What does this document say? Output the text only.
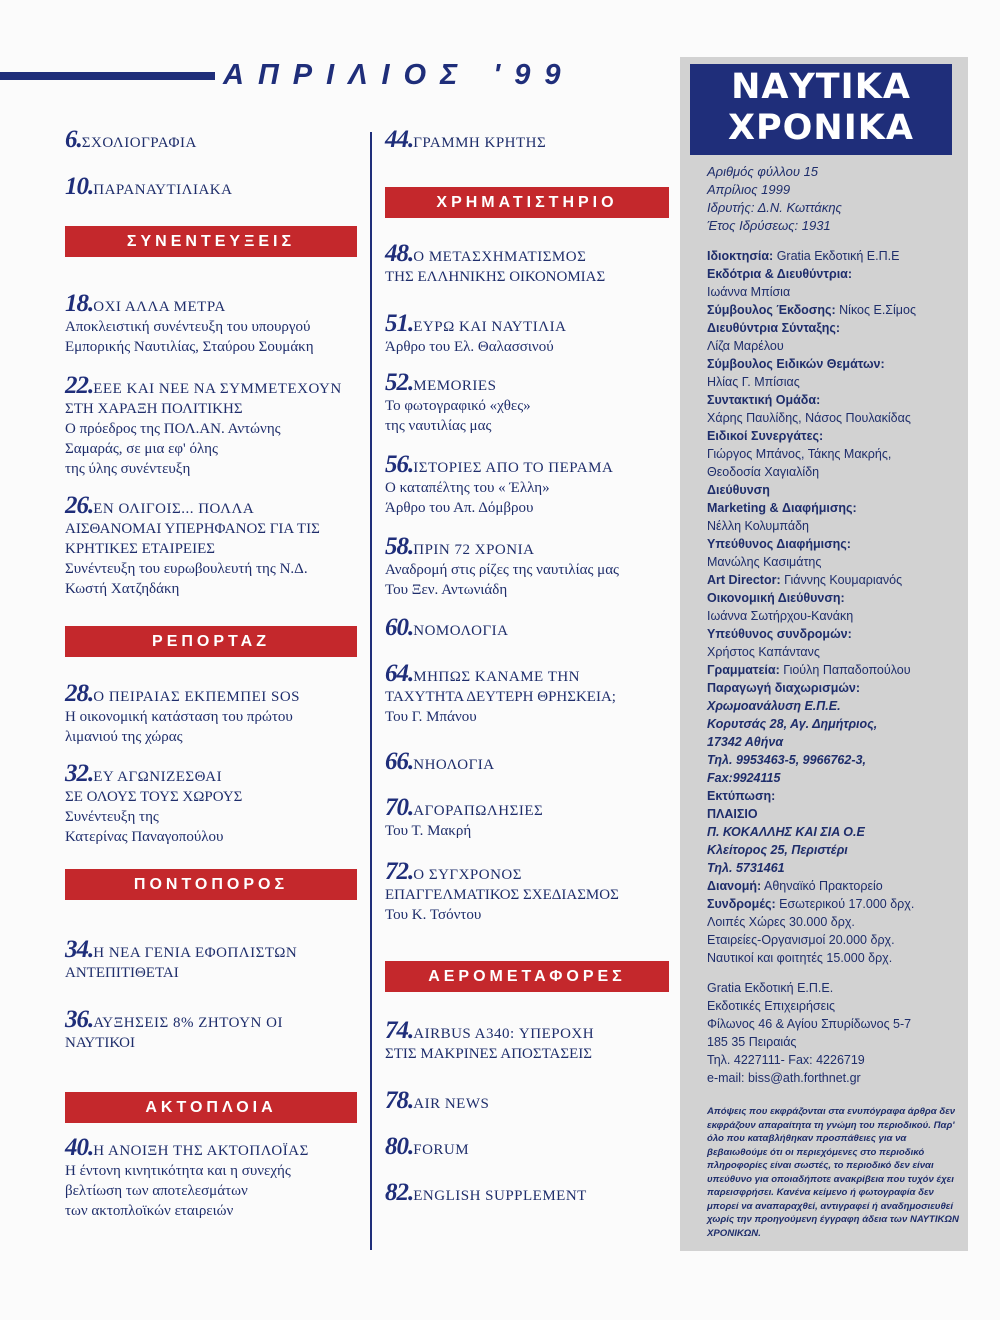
ΑΠΡΙΛΙΟΣ '99
6.ΣΧΟΛΙΟΓΡΑΦΙΑ
10.ΠΑΡΑΝΑΥΤΙΛΙΑΚΑ
ΣΥΝΕΝΤΕΥΞΕΙΣ
18.ΟΧΙ ΑΛΛΑ ΜΕΤΡΑ
Αποκλειστική συνέντευξη του υπουργού
Εμπορικής Ναυτιλίας, Σταύρου Σουμάκη
22.ΕΕΕ ΚΑΙ ΝΕΕ ΝΑ ΣΥΜΜΕΤΕΧΟΥΝ
ΣΤΗ ΧΑΡΑΞΗ ΠΟΛΙΤΙΚΗΣ
Ο πρόεδρος της ΠΟΛ.ΑΝ. Αντώνης
Σαμαράς, σε μια εφ' όλης
της ύλης συνέντευξη
26.ΕΝ ΟΛΙΓΟΙΣ... ΠΟΛΛΑ
ΑΙΣΘΑΝΟΜΑΙ ΥΠΕΡΗΦΑΝΟΣ ΓΙΑ ΤΙΣ
ΚΡΗΤΙΚΕΣ ΕΤΑΙΡΕΙΕΣ
Συνέντευξη του ευρωβουλευτή της Ν.Δ.
Κωστή Χατζηδάκη
ΡΕΠΟΡΤΑΖ
28.Ο ΠΕΙΡΑΙΑΣ ΕΚΠΕΜΠΕΙ SOS
Η οικονομική κατάσταση του πρώτου
λιμανιού της χώρας
32.ΕΥ ΑΓΩΝΙΖΕΣΘΑΙ
ΣΕ ΟΛΟΥΣ ΤΟΥΣ ΧΩΡΟΥΣ
Συνέντευξη της
Κατερίνας Παναγοπούλου
ΠΟΝΤΟΠΟΡΟΣ
34.Η ΝΕΑ ΓΕΝΙΑ ΕΦΟΠΛΙΣΤΩΝ
ΑΝΤΕΠΙΤΙΘΕΤΑΙ
36.ΑΥΞΗΣΕΙΣ 8% ΖΗΤΟΥΝ ΟΙ
ΝΑΥΤΙΚΟΙ
ΑΚΤΟΠΛΟΙΑ
40.Η ΑΝΟΙΞΗ ΤΗΣ ΑΚΤΟΠΛΟΪΑΣ
Η έντονη κινητικότητα και η συνεχής
βελτίωση των αποτελεσμάτων
των ακτοπλοϊκών εταιρειών
44.ΓΡΑΜΜΗ ΚΡΗΤΗΣ
ΧΡΗΜΑΤΙΣΤΗΡΙΟ
48.Ο ΜΕΤΑΣΧΗΜΑΤΙΣΜΟΣ
ΤΗΣ ΕΛΛΗΝΙΚΗΣ ΟΙΚΟΝΟΜΙΑΣ
51.ΕΥΡΩ ΚΑΙ ΝΑΥΤΙΛΙΑ
Άρθρο του Ελ. Θαλασσινού
52.MEMORIES
Το φωτογραφικό «χθες»
της ναυτιλίας μας
56.ΙΣΤΟΡΙΕΣ ΑΠΟ ΤΟ ΠΕΡΑΜΑ
Ο καταπέλτης του « Έλλη»
Άρθρο του Απ. Δόμβρου
58.ΠΡΙΝ 72 ΧΡΟΝΙΑ
Αναδρομή στις ρίζες της ναυτιλίας μας
Του Ξεν. Αντωνιάδη
60.ΝΟΜΟΛΟΓΙΑ
64.ΜΗΠΩΣ ΚΑΝΑΜΕ ΤΗΝ
ΤΑΧΥΤΗΤΑ ΔΕΥΤΕΡΗ ΘΡΗΣΚΕΙΑ;
Του Γ. Μπάνου
66.ΝΗΟΛΟΓΙΑ
70.ΑΓΟΡΑΠΩΛΗΣΙΕΣ
Του Τ. Μακρή
72.Ο ΣΥΓΧΡΟΝΟΣ
ΕΠΑΓΓΕΛΜΑΤΙΚΟΣ ΣΧΕΔΙΑΣΜΟΣ
Του Κ. Τσόντου
ΑΕΡΟΜΕΤΑΦΟΡΕΣ
74.AIRBUS A340: ΥΠΕΡΟΧΗ
ΣΤΙΣ ΜΑΚΡΙΝΕΣ ΑΠΟΣΤΑΣΕΙΣ
78.AIR NEWS
80.FORUM
82.ENGLISH SUPPLEMENT
ΝΑΥΤΙΚΑ
ΧΡΟΝΙΚΑ
Αριθμός φύλλου 15
Απρίλιος 1999
Ιδρυτής: Δ.Ν. Κωττάκης
Έτος Ιδρύσεως: 1931
Ιδιοκτησία: Gratia Εκδοτική Ε.Π.Ε
Εκδότρια & Διευθύντρια:
Ιωάννα Μπίσια
Σύμβουλος Έκδοσης: Νίκος Ε.Σίμος
Διευθύντρια Σύνταξης:
Λίζα Μαρέλου
Σύμβουλος Ειδικών Θεμάτων:
Ηλίας Γ. Μπίσιας
Συντακτική Ομάδα:
Χάρης Παυλίδης, Νάσος Πουλακίδας
Ειδικοί Συνεργάτες:
Γιώργος Μπάνος, Τάκης Μακρής,
Θεοδοσία Χαγιαλίδη
Διεύθυνση
Marketing & Διαφήμισης:
Νέλλη Κολυμπάδη
Υπεύθυνος Διαφήμισης:
Μανώλης Κασιμάτης
Art Director: Γιάννης Κουμαριανός
Οικονομική Διεύθυνση:
Ιωάννα Σωτήρχου-Κανάκη
Υπεύθυνος συνδρομών:
Χρήστος Καπάντανς
Γραμματεία: Γιούλη Παπαδοπούλου
Παραγωγή διαχωρισμών:
Χρωμοανάλυση Ε.Π.Ε.
Κορυτσάς 28, Αγ. Δημήτριος,
17342 Αθήνα
Τηλ. 9953463-5, 9966762-3,
Fax:9924115
Εκτύπωση:
ΠΛΑΙΣΙΟ
Π. ΚΟΚΑΛΛΗΣ ΚΑΙ ΣΙΑ Ο.Ε
Κλείτορος 25, Περιστέρι
Τηλ. 5731461
Διανομή: Αθηναϊκό Πρακτορείο
Συνδρομές: Εσωτερικού 17.000 δρχ.
Λοιπές Χώρες 30.000 δρχ.
Εταιρείες-Οργανισμοί 20.000 δρχ.
Ναυτικοί και φοιτητές 15.000 δρχ.
Gratia Εκδοτική Ε.Π.Ε.
Εκδοτικές Επιχειρήσεις
Φίλωνος 46 & Αγίου Σπυρίδωνος 5-7
185 35 Πειραιάς
Τηλ. 4227111- Fax: 4226719
e-mail: biss@ath.forthnet.gr
Απόψεις που εκφράζονται στα ενυπόγραφα άρθρα δεν εκφράζουν απαραίτητα τη γνώμη του περιοδικού. Παρ' όλο που καταβλήθηκαν προσπάθειες για να βεβαιωθούμε ότι οι περιεχόμενες στο περιοδικό πληροφορίες είναι σωστές, το περιοδικό δεν είναι υπεύθυνο για οποιαδήποτε ανακρίβεια που τυχόν έχει παρεισφρήσει. Κανένα κείμενο ή φωτογραφία δεν μπορεί να αναπαραχθεί, αντιγραφεί ή αναδημοσιευθεί χωρίς την προηγούμενη έγγραφη άδεια των ΝΑΥΤΙΚΩΝ ΧΡΟΝΙΚΩΝ.
